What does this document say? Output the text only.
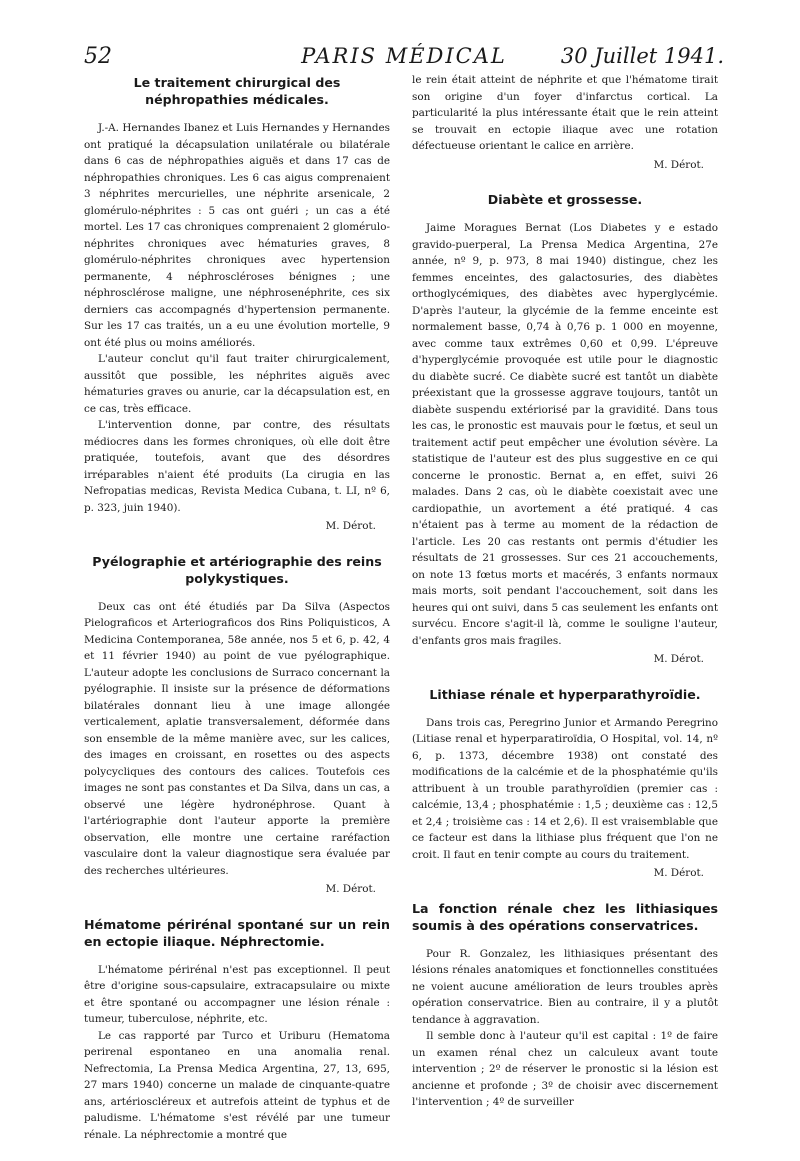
52	PARIS MÉDICAL	30 Juillet 1941.
Le traitement chirurgical des néphropathies médicales.

J.-A. Hernandes Ibanez et Luis Hernandes y Hernandes ont pratiqué la décapsulation unilatérale ou bilatérale dans 6 cas de néphropathies aiguës et dans 17 cas de néphropathies chroniques. Les 6 cas aigus comprenaient 3 néphrites mercurielles, une néphrite arsenicale, 2 glomérulo-néphrites : 5 cas ont guéri ; un cas a été mortel. Les 17 cas chroniques comprenaient 2 glomérulo-néphrites chroniques avec hématuries graves, 8 glomérulo-néphrites chroniques avec hypertension permanente, 4 néphroscléroses bénignes ; une néphrosclérose maligne, une néphrosenéphrite, ces six derniers cas accompagnés d'hypertension permanente. Sur les 17 cas traités, un a eu une évolution mortelle, 9 ont été plus ou moins améliorés.

L'auteur conclut qu'il faut traiter chirurgicalement, aussitôt que possible, les néphrites aiguës avec hématuries graves ou anurie, car la décapsulation est, en ce cas, très efficace.

L'intervention donne, par contre, des résultats médiocres dans les formes chroniques, où elle doit être pratiquée, toutefois, avant que des désordres irréparables n'aient été produits (La cirugia en las Nefropatias medicas, Revista Medica Cubana, t. LI, nº 6, p. 323, juin 1940).

M. Dérot.
Pyélographie et artériographie des reins polykystiques.

Deux cas ont été étudiés par Da Silva (Aspectos Pielograficos et Arteriograficos dos Rins Poliquisticos, A Medicina Contemporanea, 58e année, nos 5 et 6, p. 42, 4 et 11 février 1940) au point de vue pyélographique. L'auteur adopte les conclusions de Surraco concernant la pyélographie. Il insiste sur la présence de déformations bilatérales donnant lieu à une image allongée verticalement, aplatie transversalement, déformée dans son ensemble de la même manière avec, sur les calices, des images en croissant, en rosettes ou des aspects polycycliques des contours des calices. Toutefois ces images ne sont pas constantes et Da Silva, dans un cas, a observé une légère hydronéphrose. Quant à l'artériographie dont l'auteur apporte la première observation, elle montre une certaine raréfaction vasculaire dont la valeur diagnostique sera évaluée par des recherches ultérieures.

M. Dérot.
Hématome périrénal spontané sur un rein en ectopie iliaque. Néphrectomie.

L'hématome périrénal n'est pas exceptionnel. Il peut être d'origine sous-capsulaire, extracapsulaire ou mixte et être spontané ou accompagner une lésion rénale : tumeur, tuberculose, néphrite, etc.

Le cas rapporté par Turco et Uriburu (Hematoma perirenal espontaneo en una anomalia renal. Nefrectomia, La Prensa Medica Argentina, 27, 13, 695, 27 mars 1940) concerne un malade de cinquante-quatre ans, artérioscléreux et autrefois atteint de typhus et de paludisme. L'hématome s'est révélé par une tumeur rénale. La néphrectomie a montré que

le rein était atteint de néphrite et que l'hématome tirait son origine d'un foyer d'infarctus cortical. La particularité la plus intéressante était que le rein atteint se trouvait en ectopie iliaque avec une rotation défectueuse orientant le calice en arrière.

M. Dérot.
Diabète et grossesse.

Jaime Moragues Bernat (Los Diabetes y e estado gravido-puerperal, La Prensa Medica Argentina, 27e année, nº 9, p. 973, 8 mai 1940) distingue, chez les femmes enceintes, des galactosuries, des diabètes orthoglycémiques, des diabètes avec hyperglycémie. D'après l'auteur, la glycémie de la femme enceinte est normalement basse, 0,74 à 0,76 p. 1 000 en moyenne, avec comme taux extrêmes 0,60 et 0,99. L'épreuve d'hyperglycémie provoquée est utile pour le diagnostic du diabète sucré. Ce diabète sucré est tantôt un diabète préexistant que la grossesse aggrave toujours, tantôt un diabète suspendu extériorisé par la gravidité. Dans tous les cas, le pronostic est mauvais pour le fœtus, et seul un traitement actif peut empêcher une évolution sévère. La statistique de l'auteur est des plus suggestive en ce qui concerne le pronostic. Bernat a, en effet, suivi 26 malades. Dans 2 cas, où le diabète coexistait avec une cardiopathie, un avortement a été pratiqué. 4 cas n'étaient pas à terme au moment de la rédaction de l'article. Les 20 cas restants ont permis d'étudier les résultats de 21 grossesses. Sur ces 21 accouchements, on note 13 fœtus morts et macérés, 3 enfants normaux mais morts, soit pendant l'accouchement, soit dans les heures qui ont suivi, dans 5 cas seulement les enfants ont survécu. Encore s'agit-il là, comme le souligne l'auteur, d'enfants gros mais fragiles.

M. Dérot.
Lithiase rénale et hyperparathyroïdie.

Dans trois cas, Peregrino Junior et Armando Peregrino (Litiase renal et hyperparatiroïdia, O Hospital, vol. 14, nº 6, p. 1373, décembre 1938) ont constaté des modifications de la calcémie et de la phosphatémie qu'ils attribuent à un trouble parathyroïdien (premier cas : calcémie, 13,4 ; phosphatémie : 1,5 ; deuxième cas : 12,5 et 2,4 ; troisième cas : 14 et 2,6). Il est vraisemblable que ce facteur est dans la lithiase plus fréquent que l'on ne croit. Il faut en tenir compte au cours du traitement.

M. Dérot.
La fonction rénale chez les lithiasiques soumis à des opérations conservatrices.

Pour R. Gonzalez, les lithiasiques présentant des lésions rénales anatomiques et fonctionnelles constituées ne voient aucune amélioration de leurs troubles après opération conservatrice. Bien au contraire, il y a plutôt tendance à aggravation.

Il semble donc à l'auteur qu'il est capital : 1º de faire un examen rénal chez un calculeux avant toute intervention ; 2º de réserver le pronostic si la lésion est ancienne et profonde ; 3º de choisir avec discernement l'intervention ; 4º de surveiller
